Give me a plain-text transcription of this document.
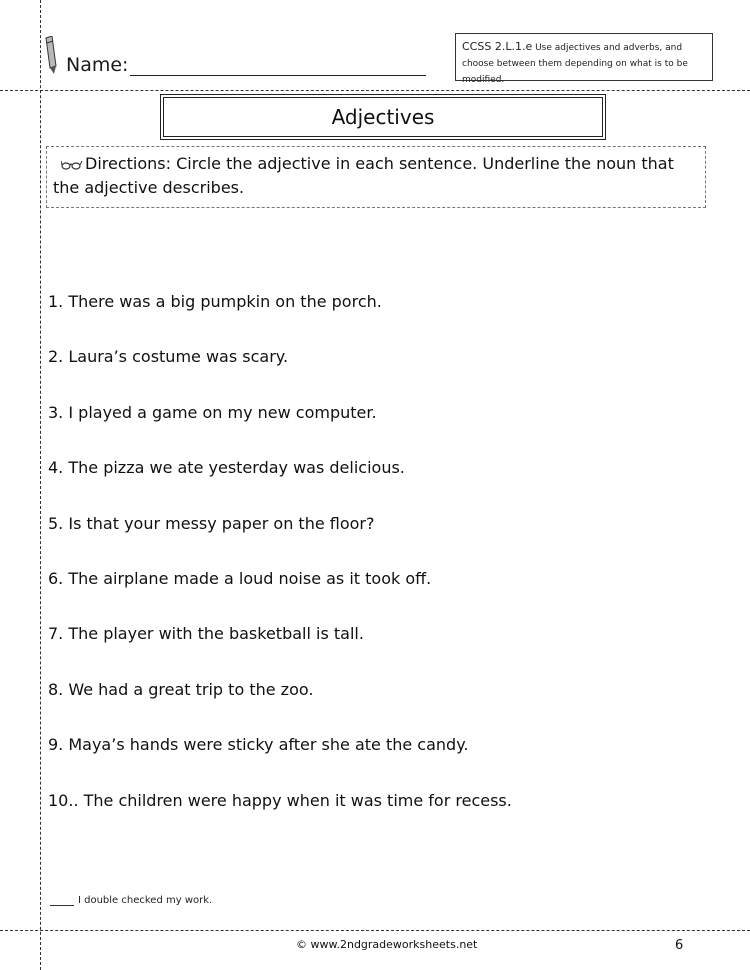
Name:
CCSS 2.L.1.e Use adjectives and adverbs, and choose between them depending on what is to be modified.
Adjectives
Directions: Circle the adjective in each sentence. Underline the noun that the adjective describes.
1. There was a big pumpkin on the porch.
2. Laura’s costume was scary.
3. I played a game on my new computer.
4. The pizza we ate yesterday was delicious.
5. Is that your messy paper on the floor?
6. The airplane made a loud noise as it took off.
7. The player with the basketball is tall.
8. We had a great trip to the zoo.
9. Maya’s hands were sticky after she ate the candy.
10.. The children were happy when it was time for recess.
I double checked my work.
© www.2ndgradeworksheets.net	6
